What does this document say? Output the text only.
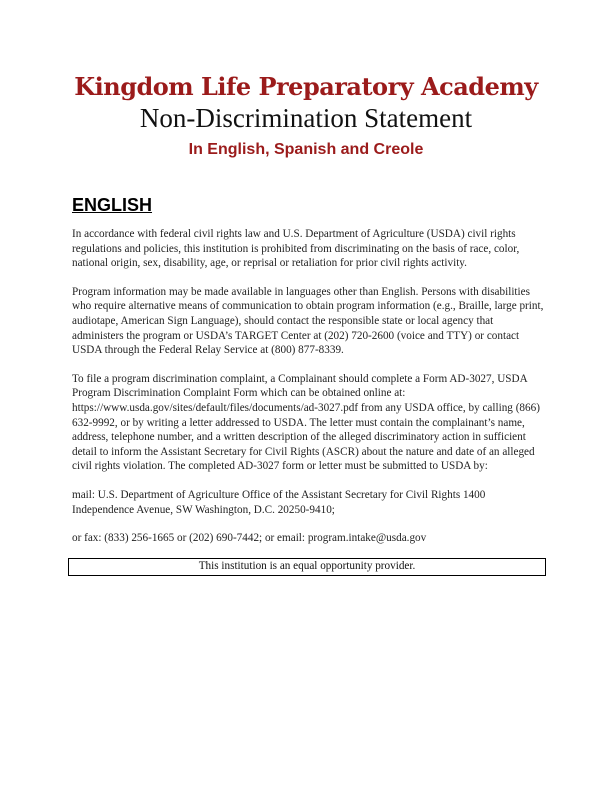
Kingdom Life Preparatory Academy
Non-Discrimination Statement
In English, Spanish and Creole
ENGLISH

In accordance with federal civil rights law and U.S. Department of Agriculture (USDA) civil rights regulations and policies, this institution is prohibited from discriminating on the basis of race, color, national origin, sex, disability, age, or reprisal or retaliation for prior civil rights activity.

Program information may be made available in languages other than English. Persons with disabilities who require alternative means of communication to obtain program information (e.g., Braille, large print, audiotape, American Sign Language), should contact the responsible state or local agency that administers the program or USDA’s TARGET Center at (202) 720-2600 (voice and TTY) or contact USDA through the Federal Relay Service at (800) 877-8339.

To file a program discrimination complaint, a Complainant should complete a Form AD-3027, USDA Program Discrimination Complaint Form which can be obtained online at: https://www.usda.gov/sites/default/files/documents/ad-3027.pdf from any USDA office, by calling (866) 632-9992, or by writing a letter addressed to USDA. The letter must contain the complainant’s name, address, telephone number, and a written description of the alleged discriminatory action in sufficient detail to inform the Assistant Secretary for Civil Rights (ASCR) about the nature and date of an alleged civil rights violation. The completed AD-3027 form or letter must be submitted to USDA by:

mail: U.S. Department of Agriculture Office of the Assistant Secretary for Civil Rights 1400 Independence Avenue, SW Washington, D.C. 20250-9410;

or fax: (833) 256-1665 or (202) 690-7442; or email: program.intake@usda.gov

This institution is an equal opportunity provider.
